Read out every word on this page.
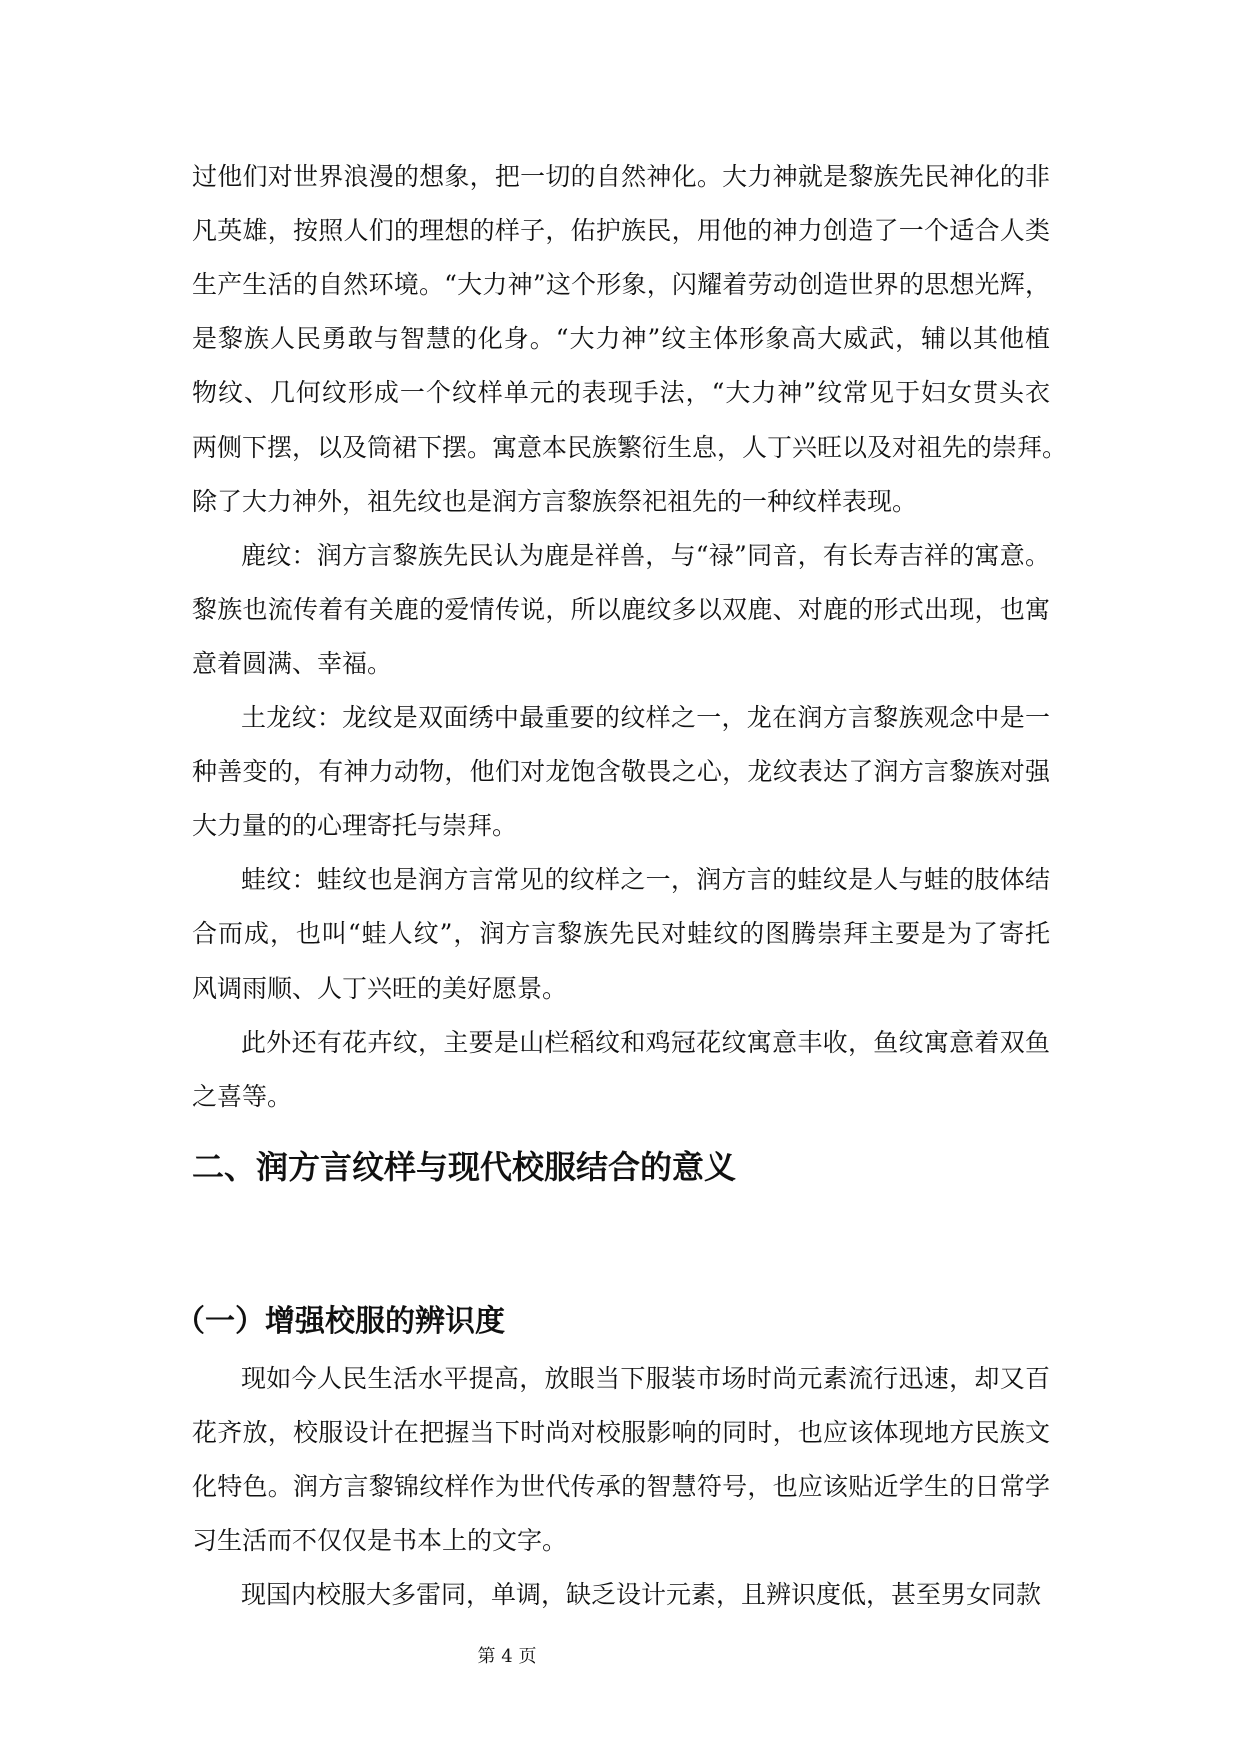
过他们对世界浪漫的想象，把一切的自然神化。大力神就是黎族先民神化的非
凡英雄，按照人们的理想的样子，佑护族民，用他的神力创造了一个适合人类
生产生活的自然环境。“大力神”这个形象，闪耀着劳动创造世界的思想光辉，
是黎族人民勇敢与智慧的化身。“大力神”纹主体形象高大威武，辅以其他植
物纹、几何纹形成一个纹样单元的表现手法，“大力神”纹常见于妇女贯头衣
两侧下摆，以及筒裙下摆。寓意本民族繁衍生息，人丁兴旺以及对祖先的崇拜。
除了大力神外，祖先纹也是润方言黎族祭祀祖先的一种纹样表现。
鹿纹：润方言黎族先民认为鹿是祥兽，与“禄”同音，有长寿吉祥的寓意。
黎族也流传着有关鹿的爱情传说，所以鹿纹多以双鹿、对鹿的形式出现，也寓
意着圆满、幸福。
土龙纹：龙纹是双面绣中最重要的纹样之一，龙在润方言黎族观念中是一
种善变的，有神力动物，他们对龙饱含敬畏之心，龙纹表达了润方言黎族对强
大力量的的心理寄托与崇拜。
蛙纹：蛙纹也是润方言常见的纹样之一，润方言的蛙纹是人与蛙的肢体结
合而成，也叫“蛙人纹”，润方言黎族先民对蛙纹的图腾崇拜主要是为了寄托
风调雨顺、人丁兴旺的美好愿景。
此外还有花卉纹，主要是山栏稻纹和鸡冠花纹寓意丰收，鱼纹寓意着双鱼
之喜等。
现如今人民生活水平提高，放眼当下服装市场时尚元素流行迅速，却又百
花齐放，校服设计在把握当下时尚对校服影响的同时，也应该体现地方民族文
化特色。润方言黎锦纹样作为世代传承的智慧符号，也应该贴近学生的日常学
习生活而不仅仅是书本上的文字。
现国内校服大多雷同，单调，缺乏设计元素，且辨识度低，甚至男女同款
二、润方言纹样与现代校服结合的意义
（一）增强校服的辨识度
第 4 页
